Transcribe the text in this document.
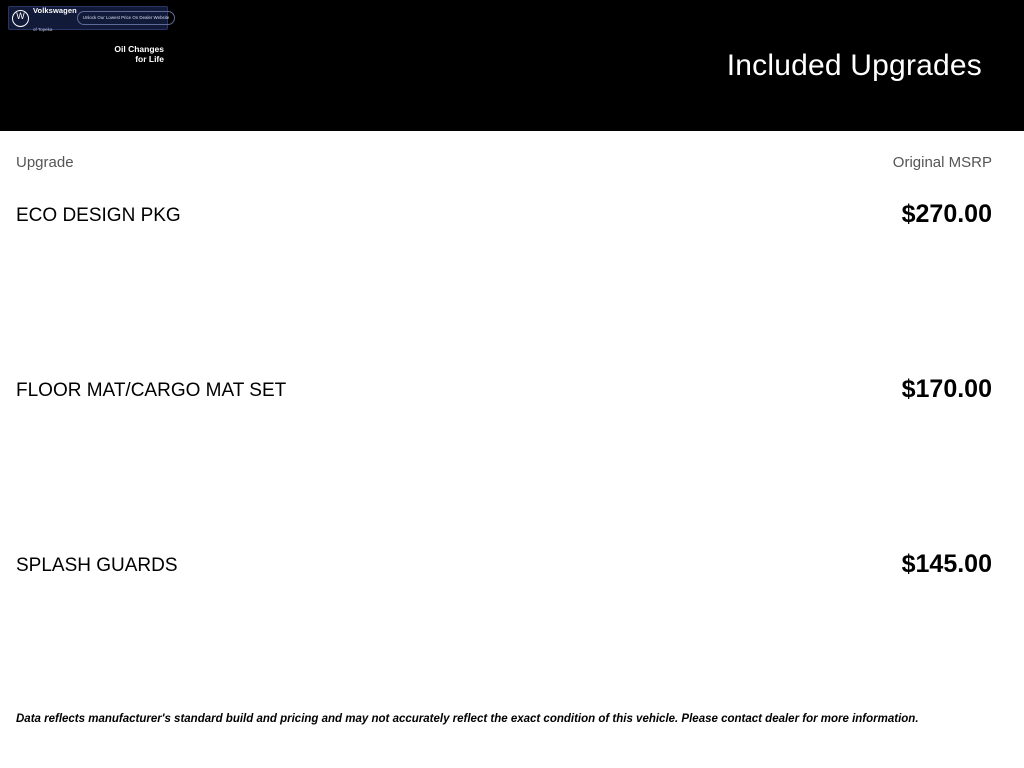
W
Volkswagen
of Topeka
Unlock Our Lowest Price On Dealer Website
Oil Changes
for Life	Included Upgrades
Upgrade	Original MSRP
ECO DESIGN PKG	$270.00
FLOOR MAT/CARGO MAT SET	$170.00
SPLASH GUARDS	$145.00
Data reflects manufacturer's standard build and pricing and may not accurately reflect the exact condition of this vehicle. Please contact dealer for more information.
